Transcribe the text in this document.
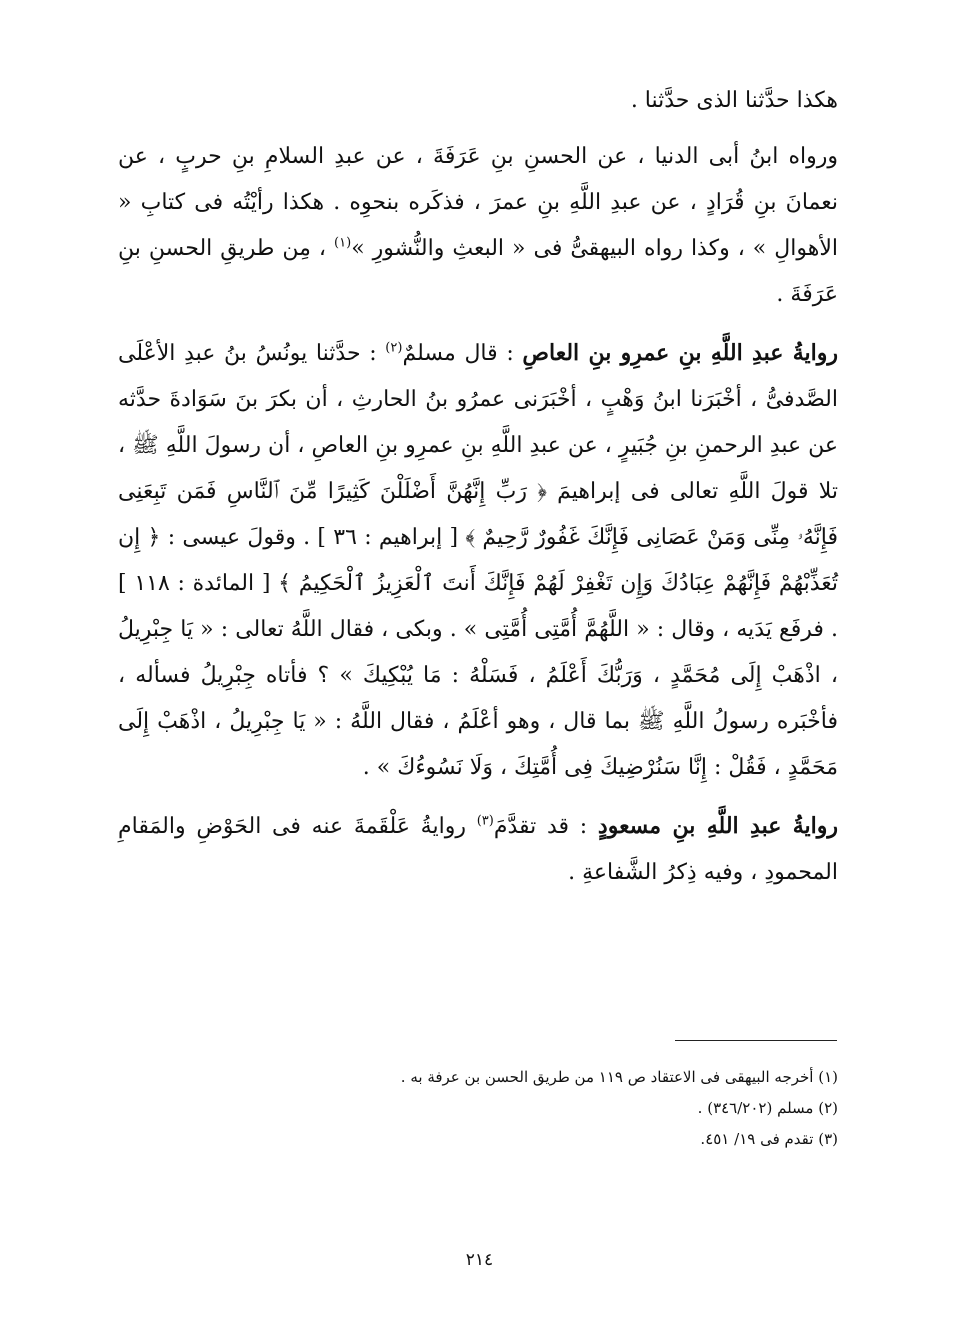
هكذا حدَّثنا الذى حدَّثنا .

ورواه ابنُ أبى الدنيا ، عن الحسنِ بنِ عَرَفَةَ ، عن عبدِ السلامِ بنِ حربٍ ، عن نعمانَ بنِ قُرَادٍ ، عن عبدِ اللَّهِ بنِ عمرَ ، فذكَره بنحوِه . هكذا رأيْتُه فى كتابِ « الأهوالِ » ، وكذا رواه البيهقىُّ فى « البعثِ والنُّشورِ »$^{(١)}$ ، مِن طريقِ الحسنِ بنِ عَرَفَةَ .

روايةُ عبدِ اللَّهِ بنِ عمرِو بنِ العاصِ : قال مسلمٌ$^{(٢)}$ : حدَّثنا يونُسُ بنُ عبدِ الأعْلَى الصَّدفىُّ ، أخْبَرَنا ابنُ وَهْبٍ ، أخْبَرَنى عمرُو بنُ الحارثِ ، أن بكرَ بنَ سَوَادةَ حدَّثه عن عبدِ الرحمنِ بنِ جُبَيرٍ ، عن عبدِ اللَّهِ بنِ عمرِو بنِ العاصِ ، أن رسولَ اللَّهِ ﷺ ، تلا قولَ اللَّهِ تعالى فى إبراهيمَ ﴿ رَبِّ إِنَّهُنَّ أَضْلَلْنَ كَثِيرًا مِّنَ ٱلنَّاسِ فَمَن تَبِعَنِى فَإِنَّهُۥ مِنِّى وَمَنْ عَصَانِى فَإِنَّكَ غَفُورٌ رَّحِيمٌ ﴾ [ إبراهيم : ٣٦ ] . وقولَ عيسى : ﴿ إِن تُعَذِّبْهُمْ فَإِنَّهُمْ عِبَادُكَ وَإِن تَغْفِرْ لَهُمْ فَإِنَّكَ أَنتَ ٱلْعَزِيزُ ٱلْحَكِيمُ ﴾ [ المائدة : ١١٨ ] . فرفَع يَدَيه ، وقال : « اللَّهُمَّ أُمَّتِى أُمَّتِى » . وبكى ، فقال اللَّهُ تعالى : « يَا جِبْرِيلُ ، اذْهَبْ إِلَى مُحَمَّدٍ ، وَرَبُّكَ أَعْلَمُ ، فَسَلْهُ : مَا يُبْكِيكَ » ؟ فأتاه جِبْرِيلُ فسأله ، فأخْبَره رسولُ اللَّهِ ﷺ بما قال ، وهو أعْلَمُ ، فقال اللَّهُ : « يَا جِبْرِيلُ ، اذْهَبْ إِلَى مَحَمَّدٍ ، فَقُلْ : إِنَّا سَنُرْضِيكَ فِى أُمَّتِكَ ، وَلَا نَسُوءُكَ » .

روايةُ عبدِ اللَّهِ بنِ مسعودٍ : قد تقدَّمَ$^{(٣)}$ روايةُ عَلْقَمةَ عنه فى الحَوْضِ والمَقامِ المحمودِ ، وفيه ذِكرُ الشَّفاعةِ .

(١) أخرجه البيهقى فى الاعتقاد ص ١١٩ من طريق الحسن بن عرفة به .

(٢) مسلم (٣٤٦/٢٠٢) .

(٣) تقدم فى ١٩/ ٤٥١.

٢١٤
